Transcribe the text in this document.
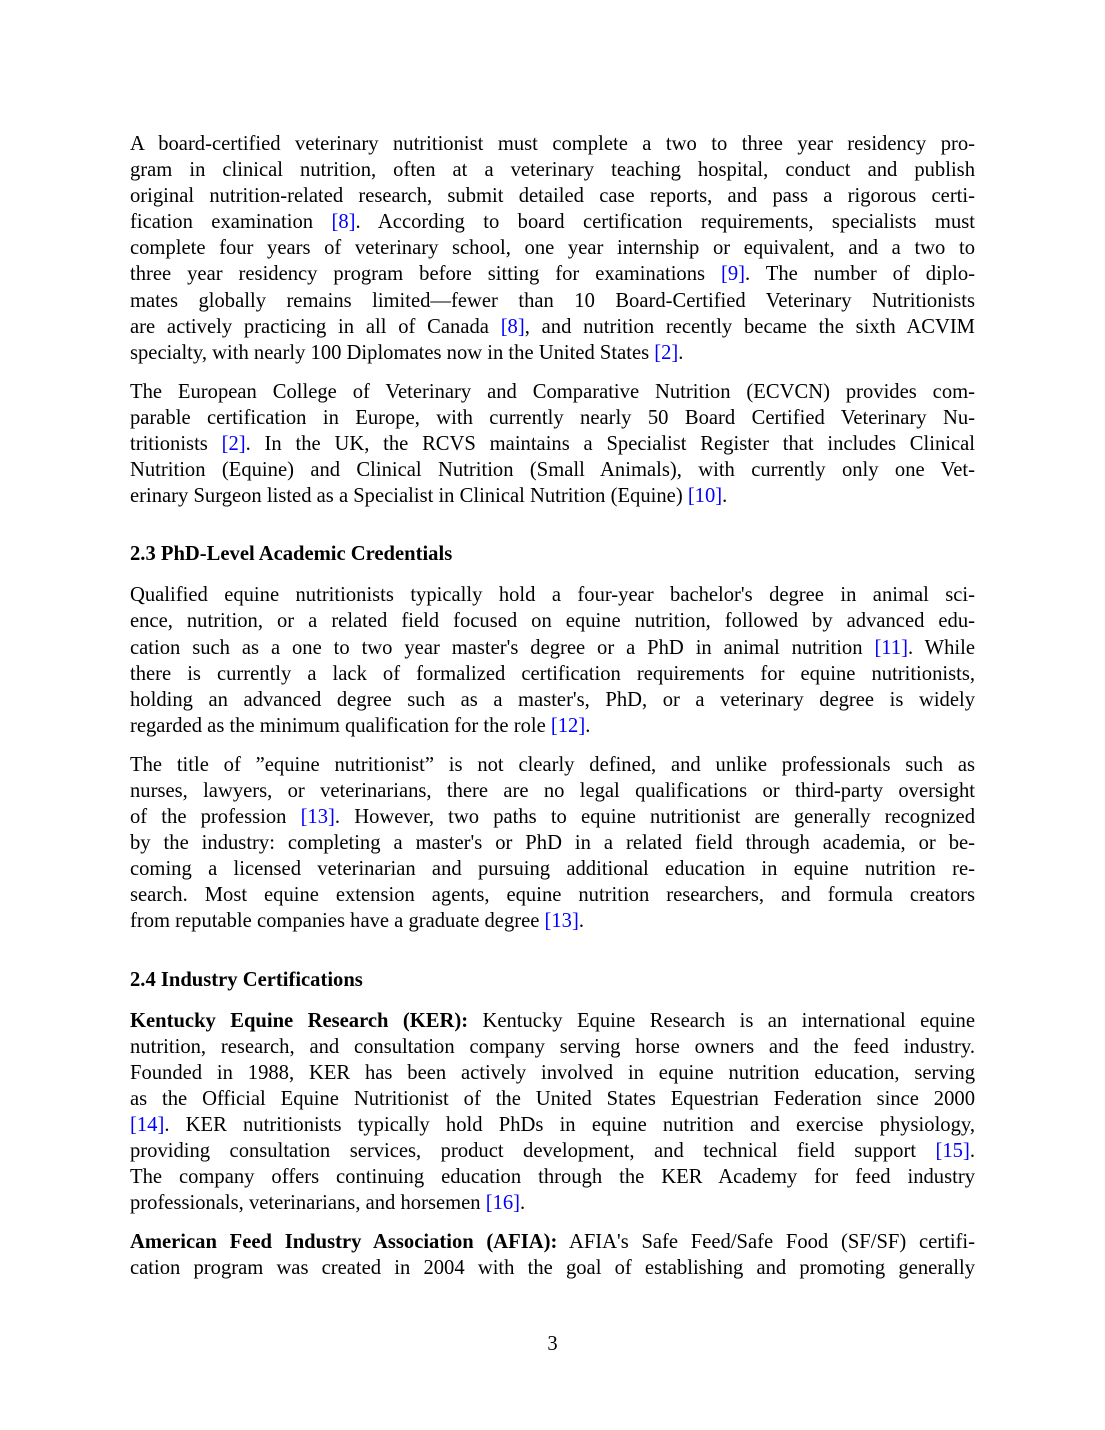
A board-certified veterinary nutritionist must complete a two to three year residency pro-
gram in clinical nutrition, often at a veterinary teaching hospital, conduct and publish
original nutrition-related research, submit detailed case reports, and pass a rigorous certi-
fication examination [8]. According to board certification requirements, specialists must
complete four years of veterinary school, one year internship or equivalent, and a two to
three year residency program before sitting for examinations [9]. The number of diplo-
mates globally remains limited—fewer than 10 Board-Certified Veterinary Nutritionists
are actively practicing in all of Canada [8], and nutrition recently became the sixth ACVIM
specialty, with nearly 100 Diplomates now in the United States [2].

The European College of Veterinary and Comparative Nutrition (ECVCN) provides com-
parable certification in Europe, with currently nearly 50 Board Certified Veterinary Nu-
tritionists [2]. In the UK, the RCVS maintains a Specialist Register that includes Clinical
Nutrition (Equine) and Clinical Nutrition (Small Animals), with currently only one Vet-
erinary Surgeon listed as a Specialist in Clinical Nutrition (Equine) [10].

2.3 PhD-Level Academic Credentials

Qualified equine nutritionists typically hold a four-year bachelor's degree in animal sci-
ence, nutrition, or a related field focused on equine nutrition, followed by advanced edu-
cation such as a one to two year master's degree or a PhD in animal nutrition [11]. While
there is currently a lack of formalized certification requirements for equine nutritionists,
holding an advanced degree such as a master's, PhD, or a veterinary degree is widely
regarded as the minimum qualification for the role [12].

The title of ”equine nutritionist” is not clearly defined, and unlike professionals such as
nurses, lawyers, or veterinarians, there are no legal qualifications or third-party oversight
of the profession [13]. However, two paths to equine nutritionist are generally recognized
by the industry: completing a master's or PhD in a related field through academia, or be-
coming a licensed veterinarian and pursuing additional education in equine nutrition re-
search. Most equine extension agents, equine nutrition researchers, and formula creators
from reputable companies have a graduate degree [13].

2.4 Industry Certifications

Kentucky Equine Research (KER): Kentucky Equine Research is an international equine
nutrition, research, and consultation company serving horse owners and the feed industry.
Founded in 1988, KER has been actively involved in equine nutrition education, serving
as the Official Equine Nutritionist of the United States Equestrian Federation since 2000
[14]. KER nutritionists typically hold PhDs in equine nutrition and exercise physiology,
providing consultation services, product development, and technical field support [15].
The company offers continuing education through the KER Academy for feed industry
professionals, veterinarians, and horsemen [16].

American Feed Industry Association (AFIA): AFIA's Safe Feed/Safe Food (SF/SF) certifi-
cation program was created in 2004 with the goal of establishing and promoting generally

3
